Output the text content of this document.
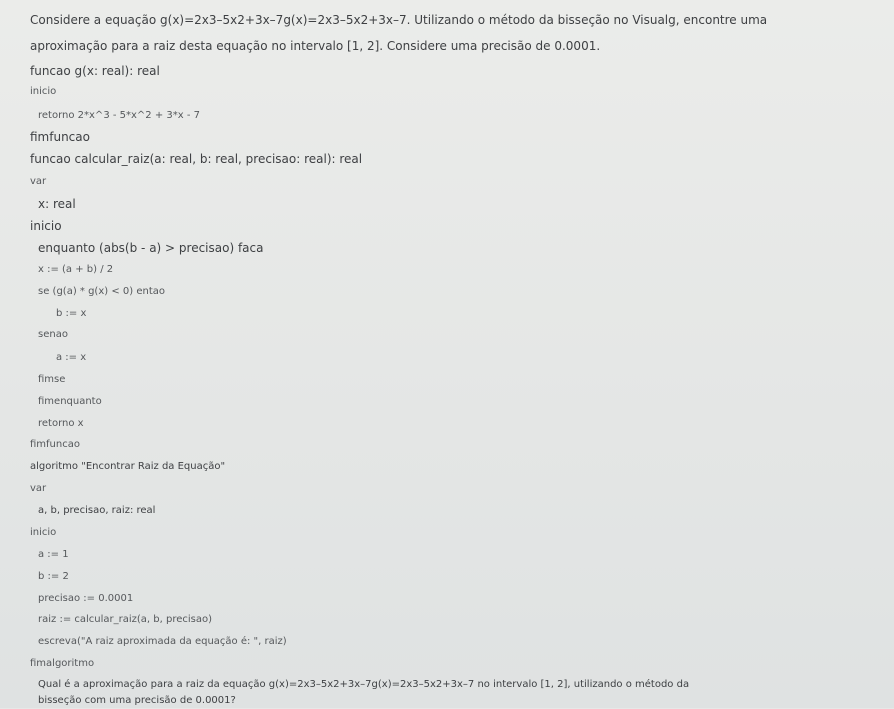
Considere a equação g(x)=2x3–5x2+3x–7g(x)=2x3–5x2+3x–7. Utilizando o método da bisseção no Visualg, encontre uma
aproximação para a raiz desta equação no intervalo [1, 2]. Considere uma precisão de 0.0001.
funcao g(x: real): real
inicio
retorno 2*x^3 - 5*x^2 + 3*x - 7
fimfuncao
funcao calcular_raiz(a: real, b: real, precisao: real): real
var
x: real
inicio
enquanto (abs(b - a) > precisao) faca
x := (a + b) / 2
se (g(a) * g(x) < 0) entao
b := x
senao
a := x
fimse
fimenquanto
retorno x
fimfuncao
algoritmo "Encontrar Raiz da Equação"
var
a, b, precisao, raiz: real
inicio
a := 1
b := 2
precisao := 0.0001
raiz := calcular_raiz(a, b, precisao)
escreva("A raiz aproximada da equação é: ", raiz)
fimalgoritmo
Qual é a aproximação para a raiz da equação g(x)=2x3–5x2+3x–7g(x)=2x3–5x2+3x–7 no intervalo [1, 2], utilizando o método da
bisseção com uma precisão de 0.0001?
